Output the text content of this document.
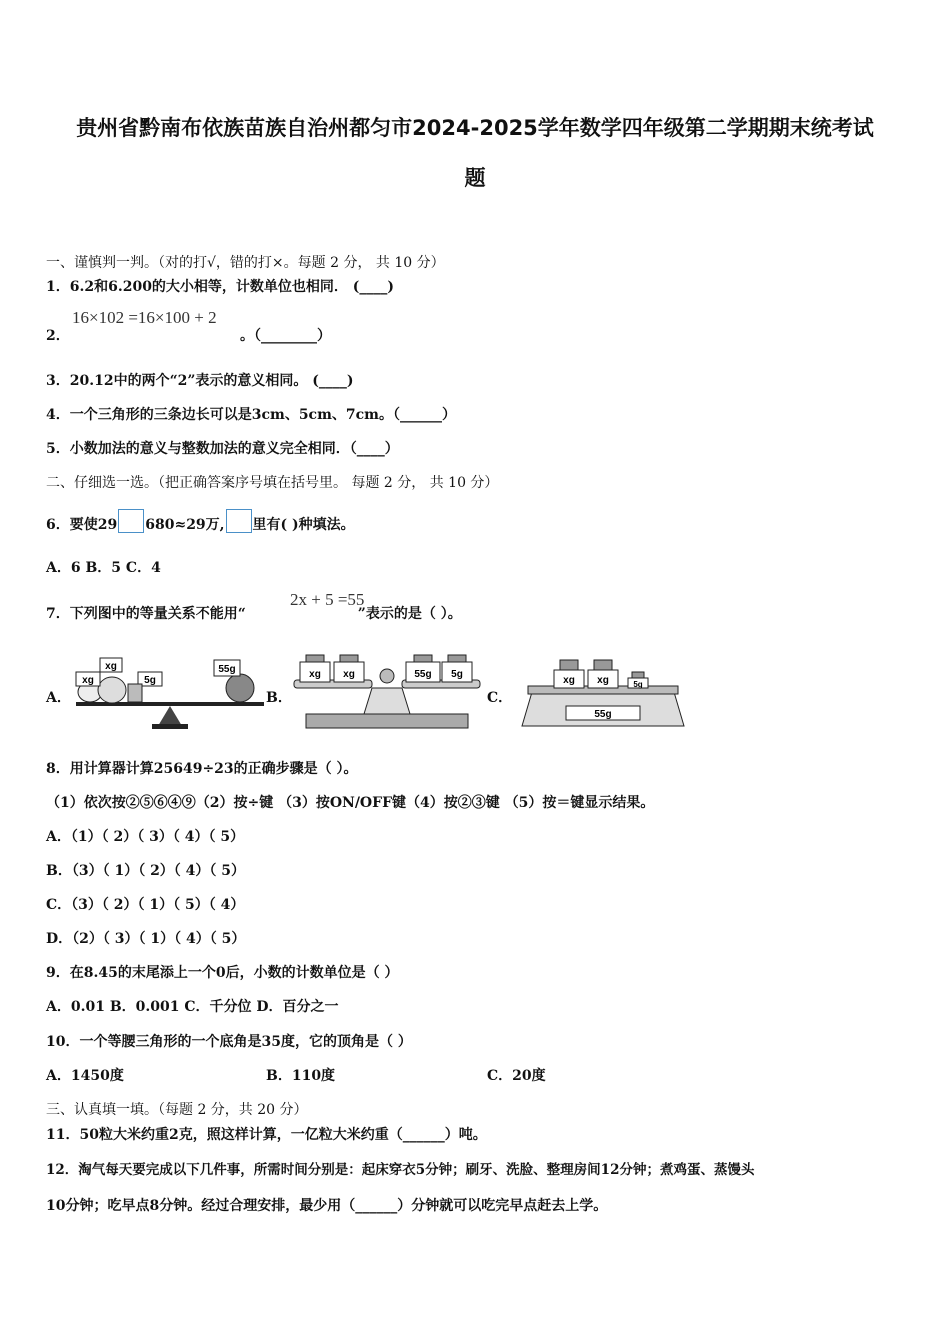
贵州省黔南布依族苗族自治州都匀市2024-2025学年数学四年级第二学期期末统考试
题
一、谨慎判一判。（对的打√，错的打×。每题 2 分， 共 10 分）
1．6.2和6.200的大小相等，计数单位也相同． (____)
2．
16×102 =16×100 + 2
。（________）
3．20.12中的两个“2”表示的意义相同。 (____)
4．一个三角形的三条边长可以是3cm、5cm、7cm。（______）
5．小数加法的意义与整数加法的意义完全相同．（____）
二、仔细选一选。（把正确答案序号填在括号里。 每题 2 分， 共 10 分）
6．要使29 680≈29万, 里有( )种填法。
A．6 B．5 C．4
7．下列图中的等量关系不能用“	”表示的是（ ）。
2x + 5 =55
A．	B．	C．
xg
xg	5g
55g	xg xg	55g 5g
xg xg	5g
55g
8．用计算器计算25649÷23的正确步骤是（ ）。
（1）依次按②⑤⑥④⑨（2）按÷键 （3）按ON/OFF键（4）按②③键 （5）按＝键显示结果。
A．（1）（ 2）（ 3）（ 4）（ 5）
B．（3）（ 1）（ 2）（ 4）（ 5）
C．（3）（ 2）（ 1）（ 5）（ 4）
D．（2）（ 3）（ 1）（ 4）（ 5）
9．在8.45的末尾添上一个0后，小数的计数单位是（ ）
A．0.01 B．0.001 C．千分位 D．百分之一
10．一个等腰三角形的一个底角是35度，它的顶角是（ ）
A．1450度	B．110度	C．20度
三、认真填一填。（每题 2 分，共 20 分）
11．50粒大米约重2克，照这样计算，一亿粒大米约重（______）吨。
12．淘气每天要完成以下几件事，所需时间分别是：起床穿衣5分钟；刷牙、洗脸、整理房间12分钟；煮鸡蛋、蒸馒头
10分钟；吃早点8分钟。经过合理安排，最少用（______）分钟就可以吃完早点赶去上学。
